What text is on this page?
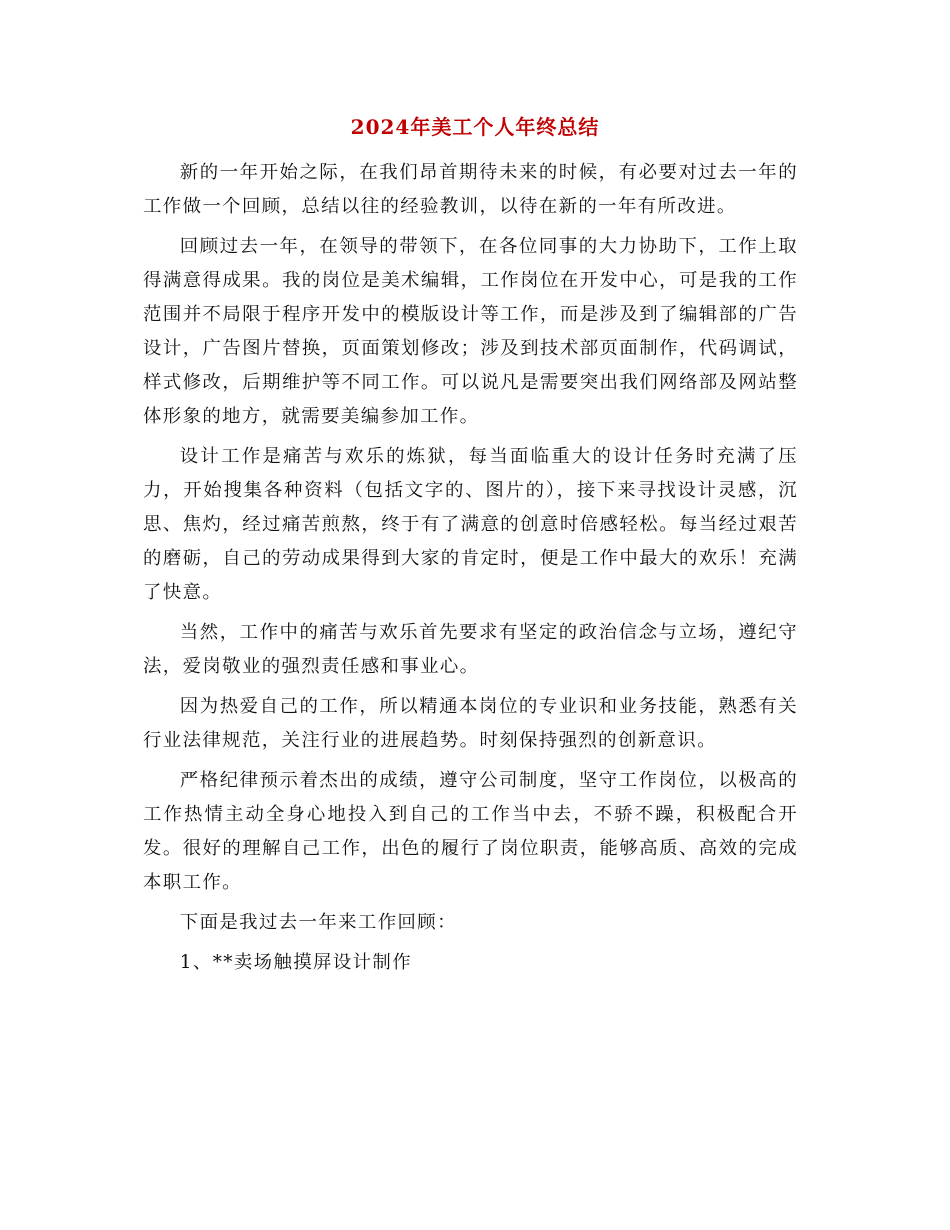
2024年美工个人年终总结

新的一年开始之际，在我们昂首期待未来的时候，有必要对过去一年的工作做一个回顾，总结以往的经验教训，以待在新的一年有所改进。

回顾过去一年，在领导的带领下，在各位同事的大力协助下，工作上取得满意得成果。我的岗位是美术编辑，工作岗位在开发中心，可是我的工作范围并不局限于程序开发中的模版设计等工作，而是涉及到了编辑部的广告设计，广告图片替换，页面策划修改；涉及到技术部页面制作，代码调试，样式修改，后期维护等不同工作。可以说凡是需要突出我们网络部及网站整体形象的地方，就需要美编参加工作。

设计工作是痛苦与欢乐的炼狱，每当面临重大的设计任务时充满了压力，开始搜集各种资料（包括文字的、图片的），接下来寻找设计灵感，沉思、焦灼，经过痛苦煎熬，终于有了满意的创意时倍感轻松。每当经过艰苦的磨砺，自己的劳动成果得到大家的肯定时，便是工作中最大的欢乐！充满了快意。

当然，工作中的痛苦与欢乐首先要求有坚定的政治信念与立场，遵纪守法，爱岗敬业的强烈责任感和事业心。

因为热爱自己的工作，所以精通本岗位的专业识和业务技能，熟悉有关行业法律规范，关注行业的进展趋势。时刻保持强烈的创新意识。

严格纪律预示着杰出的成绩，遵守公司制度，坚守工作岗位，以极高的工作热情主动全身心地投入到自己的工作当中去，不骄不躁，积极配合开发。很好的理解自己工作，出色的履行了岗位职责，能够高质、高效的完成本职工作。

下面是我过去一年来工作回顾：

1、**卖场触摸屏设计制作
